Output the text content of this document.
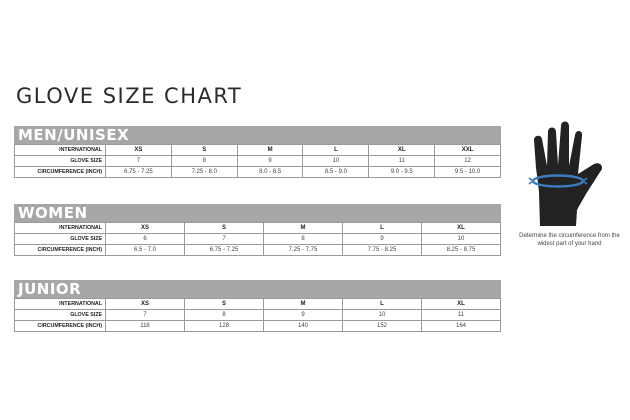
GLOVE SIZE CHART
MEN/UNISEX
INTERNATIONAL	XS	S	M	L	XL	XXL
GLOVE SIZE	7	8	9	10	11	12
CIRCUMFERENCE (INCH)	6.75 - 7.25	7.25 - 8.0	8.0 - 8.5	8.5 - 9.0	9.0 - 9.5	9.5 - 10.0
WOMEN
INTERNATIONAL	XS	S	M	L	XL
GLOVE SIZE	6	7	8	9	10
CIRCUMFERENCE (INCH)	6.5 - 7.0	6.75 - 7.25	7.25 - 7.75	7.75 - 8.25	8.25 - 8.75
JUNIOR
INTERNATIONAL	XS	S	M	L	XL
GLOVE SIZE	7	8	9	10	11
CIRCUMFERENCE (INCH)	116	128	140	152	164
Determine the circumference from the widest part of your hand
